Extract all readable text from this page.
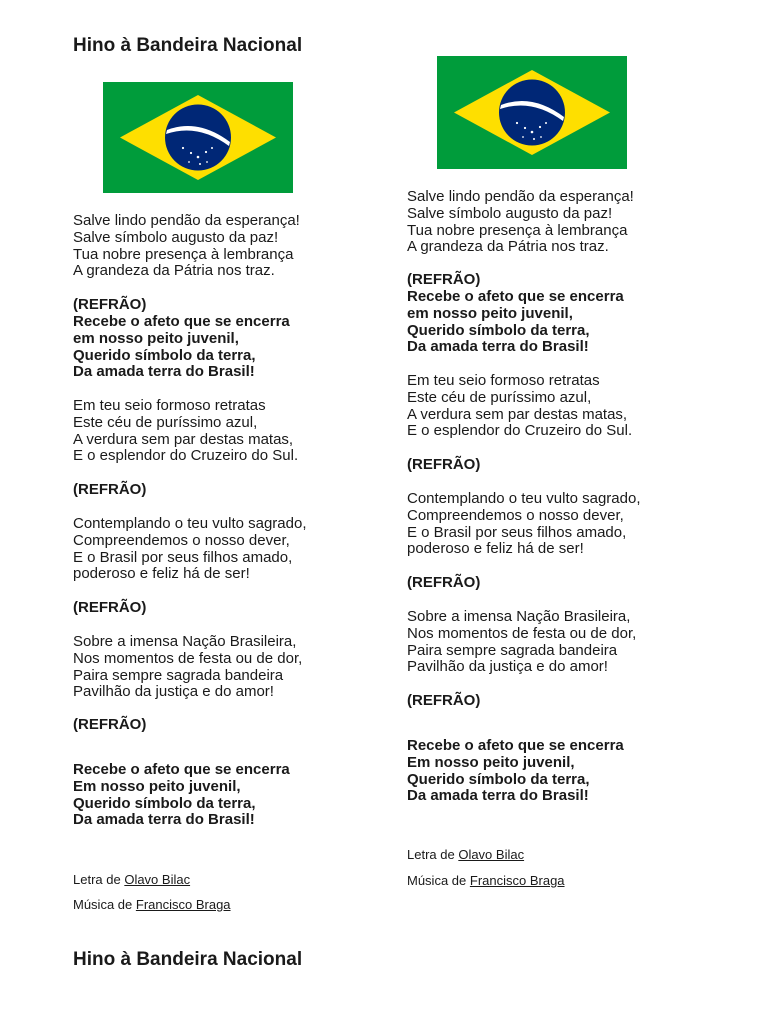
Hino à Bandeira Nacional
Salve lindo pendão da esperança!
Salve símbolo augusto da paz!
Tua nobre presença à lembrança
A grandeza da Pátria nos traz.
(REFRÃO)
Recebe o afeto que se encerra
em nosso peito juvenil,
Querido símbolo da terra,
Da amada terra do Brasil!
Em teu seio formoso retratas
Este céu de puríssimo azul,
A verdura sem par destas matas,
E o esplendor do Cruzeiro do Sul.
(REFRÃO)
Contemplando o teu vulto sagrado,
Compreendemos o nosso dever,
E o Brasil por seus filhos amado,
poderoso e feliz há de ser!
(REFRÃO)
Sobre a imensa Nação Brasileira,
Nos momentos de festa ou de dor,
Paira sempre sagrada bandeira
Pavilhão da justiça e do amor!
(REFRÃO)
Recebe o afeto que se encerra
Em nosso peito juvenil,
Querido símbolo da terra,
Da amada terra do Brasil!
Letra de Olavo Bilac
Música de Francisco Braga
Hino à Bandeira Nacional
Salve lindo pendão da esperança!
Salve símbolo augusto da paz!
Tua nobre presença à lembrança
A grandeza da Pátria nos traz.
(REFRÃO)
Recebe o afeto que se encerra
em nosso peito juvenil,
Querido símbolo da terra,
Da amada terra do Brasil!
Em teu seio formoso retratas
Este céu de puríssimo azul,
A verdura sem par destas matas,
E o esplendor do Cruzeiro do Sul.
(REFRÃO)
Contemplando o teu vulto sagrado,
Compreendemos o nosso dever,
E o Brasil por seus filhos amado,
poderoso e feliz há de ser!
(REFRÃO)
Sobre a imensa Nação Brasileira,
Nos momentos de festa ou de dor,
Paira sempre sagrada bandeira
Pavilhão da justiça e do amor!
(REFRÃO)
Recebe o afeto que se encerra
Em nosso peito juvenil,
Querido símbolo da terra,
Da amada terra do Brasil!
Letra de Olavo Bilac
Música de Francisco Braga
